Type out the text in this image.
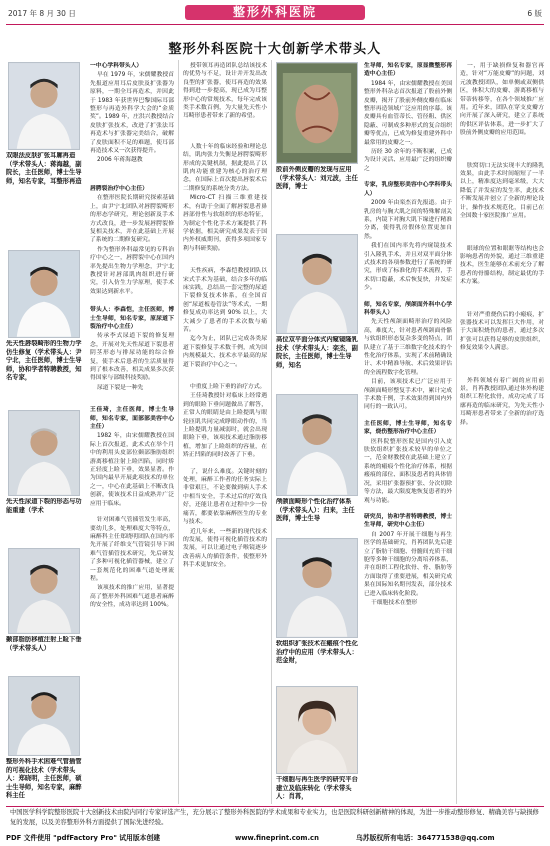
2017 年 8 月 30 日	整形外科医院	6 版
整形外科医院十大创新学术带头人
双眼法皮肤扩张耳廓再造（学术带头人：蒋海越，副院长，主任医师，博士生导师，知名专家，耳整形再造
先天性唇裂畸形的生物力学仿生修复（学术带头人：尹宁北，主任医师，博士生导师，协和学者特聘教授，知名专家，
先天性尿道下裂的形态与功能重建（学术
颞部脂肪移植注射上睑下垂（学术带头人）
整形外科手术困难气管插管的可视化技术（学术带头人：郑晓明，主任医师，硕士生导师，知名专家，麻醉科主任

一中心学科带头人）

早在 1979 年，宋儒耀教授首先报道应用耳后皮肤及扩张器为原料，一期全耳再造术，并因此于 1983 年获世界巴黎国际耳部整形与再造外科学大会的“金质奖”。1989 年，庄洪兴教授结合皮肤扩张技术，改进了扩张法耳再造术与扩张器完美结合，破解了皮肤面积不足的难题，使耳部再造技术又一次获得提升。

2006 年蒋海越教

唇腭裂治疗中心主任）

在整形医院长期研究探索基础上，由尹宁北团队对唇腭裂畸形的形态学研究，理论创新及手术方式改良，进一步发展唇腭裂修复相关技术，并在此基础上开展了系统的二期修复研究。

作为整形外科最常见的专科治疗中心之一，唇腭裂中心在国内率先提出生物力学理念，尹宁北教授针对唇部肌肉组织进行研究，引入仿生力学原理，使手术效果达到新水平。

带头人：李森恺，主任医师，博士生导师，知名专家，原尿道下裂治疗中心主任）

传承李式尿道下裂的修复理念，开展对先天性尿道下裂患者阴茎形态与排尿功能的综合修复，使手术后患者的生活质量得到了根本改善，相关成果多次获得国家与部级科技奖励。

尿道下裂是一种先

王佳琦，主任医师，博士生导师，知名专家，面部部美容中心主任）

1982 年，由宋儒耀教授在国际上首次报道，此术式在举个月中的利用头皮部位颞部脂肪组织游离移植注射上睑凹陷，同时矫正轻度上睑下垂，效果显著。作为国内最早开展此项技术的单位之一，中心在此基础上不断改良创新，使该技术日益成熟并广泛应用于临床。

针对困难气管插管发生率高，要幼儿多，处理难度大等特点，麻醉科主任郑晓明团队在国内率先开展了纤维支气管镜引导下困难气管插管技术研究，先后研发了多种可视化插管器械，建立了一套规范化的困难气道处理流程。

该项技术的推广应用，显著提高了整形外科困难气道患者麻醉的安全性，成功率达到 100%。

授带领耳再造团队总结该技术的优势与不足，设计并开发出改良型的扩张器，使耳再造的效果得到进一步提高，现已成为耳整形中心的常规技术，每年完成该类手术数百例，为大量先天性小耳畸形患者带来了新的希望。

人数十年的临床经验和理论总结，肌肉张力失衡是唇腭裂畸形形成的关键机制，据此提出了以肌肉功能重建为核心的治疗理念，在国际上首次提出唇裂术后二期修复的系统分类方法。

Micro-CT 扫描三维重建技术，有助于全面了解唇裂患者鼻唇部骨性与软组织的形态特征，为制定个性化手术方案提供了科学依据，相关研究成果发表于国内外权威期刊，获得多项国家专利与科研奖励。

天性疾病，李森恺教授团队以宋式手术为基础，结合多年的临床实践，总结出一套完整的尿道下裂修复技术体系，在全国首创“尿道板卷管法”等术式，一期修复成功率达到 90% 以上，大大减少了患者的手术次数与痛苦。

迄今为止，团队已完成各类尿道下裂修复手术数千例，成为国内规模最大、技术水平最高的尿道下裂治疗中心之一。

中重度上睑下垂的治疗方式。

王佳琦教授针对临床上经常遇到的眼睑下垂问题做出了解答，正常人的眼睛是由上睑提肌与眼轮匝肌共同完成睁眼动作的，当上睑提肌力量减弱时，就会出现眼睑下垂，该项技术通过脂肪移植，增加了上睑组织的容量，在矫正凹陷的同时改善了下垂。

了，说什么难度。关键时刻的处理，麻醉工作者的任务实际上非常艰巨，不论要做到病人手术中相当安全，手术过后的疗效良好，还能让患者在过程中少一份痛苦，都要依靠麻醉医生的专业与技术。

近几年来，一些新的现代技术的发展，使得可视化插管技术的发展，可以让通过电子喉镜逐步改善病人的插管条件，使整形外科手术更加安全。

股前外侧皮瓣的发现与应用（学术带头人：刘元波，主任医师，博士
高位双平面分体式内窥镜隆乳技术（学术带头人：栾杰，副院长，主任医师，博士生导师，知名
颅颌面畸形个性化治疗体系（学术带头人）：归来，主任医师，博士生导
软组织扩张技术在瘢痕个性化治疗中的应用（学术带头人：范金财，
干细胞与再生医学的研究平台建立及临床转化（学术带头人：肖苒，

生导师，知名专家，原显微整形再造中心主任）

1984 年，由宋儒耀教授在美国整形外科杂志首次报道了股前外侧皮瓣，揭开了股前外侧皮瓣在临床整形再造领域广泛应用的序幕。该皮瓣具有血管蒂长、管径粗、供区隐蔽、可制成多种形式的复合组织瓣等优点，已成为修复重建外科中最常用的皮瓣之一。

历经 30 余年的不断积累，已成为设计灵活、应用最广泛的组织瓣之

专家，乳房整形美容中心学科带头人）

2009 年由栾杰首先报道。由于乳房的与胸大肌之间的特殊解剖关系，内镜下对胸大肌下缘进行精准分离，使得乳房假体位置更加自然。

我们在国内率先将内窥镜技术引入隆乳手术，并且对双平面分体式技术的各项参数进行了系统的研究，形成了标准化的手术流程，手术切口隐蔽，术后恢复快，并发症少。

师，知名专家，颅颌面外科中心学科带头人）

先天性颅颌面畸形治疗的风险高，难度大，针对患者颅颌面骨骼与软组织形态复杂多变的特点，团队建立了基于三维数字化技术的个性化治疗体系，实现了术前精确设计、术中精准导航、术后效果评估的全流程数字化管理。

目前，该项技术已广泛应用于颅颌面畸形整复手术中，累计完成手术数千例，手术效果得到国内外同行的一致认可。

主任医师，博士生导师，知名专家，烧伤整形治疗中心主任）

医科院整形医院是国内引入皮肤软组织扩张技术较早的单位之一，范金财教授在此基础上建立了系统的瘢痕个性化治疗体系，根据瘢痕的部位、面积及患者的具体情况，采用扩张器预扩张、分次切除等方法，最大限度地恢复患者的外观与功能。

研究员，协和学者特聘教授，博士生导师，研究中心主任）

自 2007 年开展干细胞与再生医学的基础研究，肖苒团队先后建立了脂肪干细胞、骨髓间充质干细胞等多种干细胞的分离培养体系，并在组织工程化软骨、骨、脂肪等方面取得了重要进展，相关研究成果在国际知名期刊发表，部分技术已进入临床转化阶段。

干细胞技术在整形

一，用于缺损修复和器官再造，针对“万能皮瓣”的问题，刘元波教授团队，如单侧或双侧供区，体积大的皮瓣、游离移植与带蒂转移等，在各个领域推广应用。近年来，团队在穿支皮瓣方向开展了深入研究，建立了系统的供区评估体系，进一步扩大了股前外侧皮瓣的应用范围。

肤窝切口无法实现丰大的隆乳效果，由此手术时间缩短了一半以上，精准度达到毫米级，大大降低了并发症的发生率，此技术不断发展并创立了全新的理论设计，操作技术规范化，目前已在全国数十家医院推广应用。

眼球的位置和眼眶等结构也会影响患者的外貌，通过三维重建技术，医生能够在术前充分了解患者的骨骼结构，制定最优的手术方案。

针对严重烧伤后的小瘢痕，扩张器技术可以发挥巨大作用，对于大面积烧伤的患者，通过多次扩张可以获得足够的皮肤组织，修复效果令人满意。

外科领域有着广阔的应用前景，肖苒教授团队通过体外构建组织工程化软骨，成功完成了耳廓再造的临床研究，为先天性小耳畸形患者带来了全新的治疗选择。

中国医学科学院整形医院十大创新技术由院内同行专家评选产生，充分展示了整形外科医院的学术成果和专业实力，也是医院科研创新精神的体现，为进一步推动整形修复、精确美容与缺损修复的发展，以及美容整形外科方面提供了国际先进经验。
PDF 文件使用 "pdfFactory Pro" 试用版本创建	www.fineprint.com.cn	乌苏版权所有电话：364771538@qq.com
